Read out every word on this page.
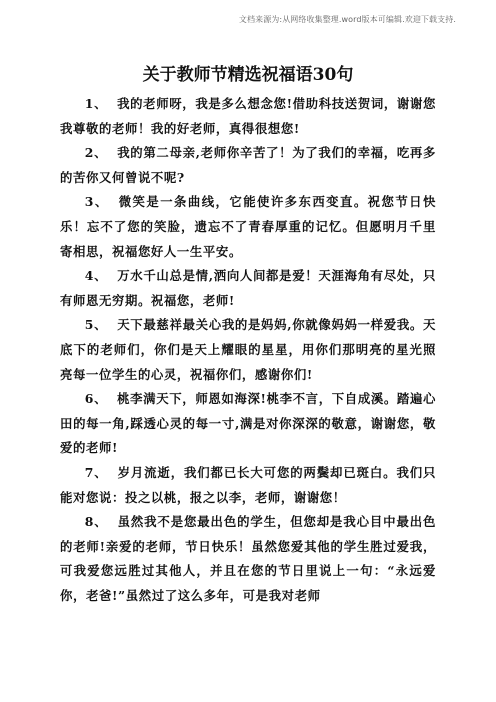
文档来源为:从网络收集整理.word版本可编辑.欢迎下载支持.
关于教师节精选祝福语30句

1、 我的老师呀，我是多么想念您!借助科技送贺词，谢谢您我尊敬的老师！我的好老师，真得很想您!

2、 我的第二母亲,老师你辛苦了！为了我们的幸福，吃再多的苦你又何曾说不呢?

3、 微笑是一条曲线，它能使许多东西变直。祝您节日快乐！忘不了您的笑脸，遗忘不了青春厚重的记忆。但愿明月千里寄相思，祝福您好人一生平安。

4、 万水千山总是情,洒向人间都是爱！天涯海角有尽处，只有师恩无穷期。祝福您，老师!

5、 天下最慈祥最关心我的是妈妈,你就像妈妈一样爱我。天底下的老师们，你们是天上耀眼的星星，用你们那明亮的星光照亮每一位学生的心灵，祝福你们，感谢你们!

6、 桃李满天下，师恩如海深!桃李不言，下自成溪。踏遍心田的每一角,踩透心灵的每一寸,满是对你深深的敬意，谢谢您，敬爱的老师!

7、 岁月流逝，我们都已长大可您的两鬓却已斑白。我们只能对您说：投之以桃，报之以李，老师，谢谢您！

8、 虽然我不是您最出色的学生，但您却是我心目中最出色的老师!亲爱的老师，节日快乐！虽然您爱其他的学生胜过爱我，可我爱您远胜过其他人，并且在您的节日里说上一句：“永远爱你，老爸!”虽然过了这么多年，可是我对老师
